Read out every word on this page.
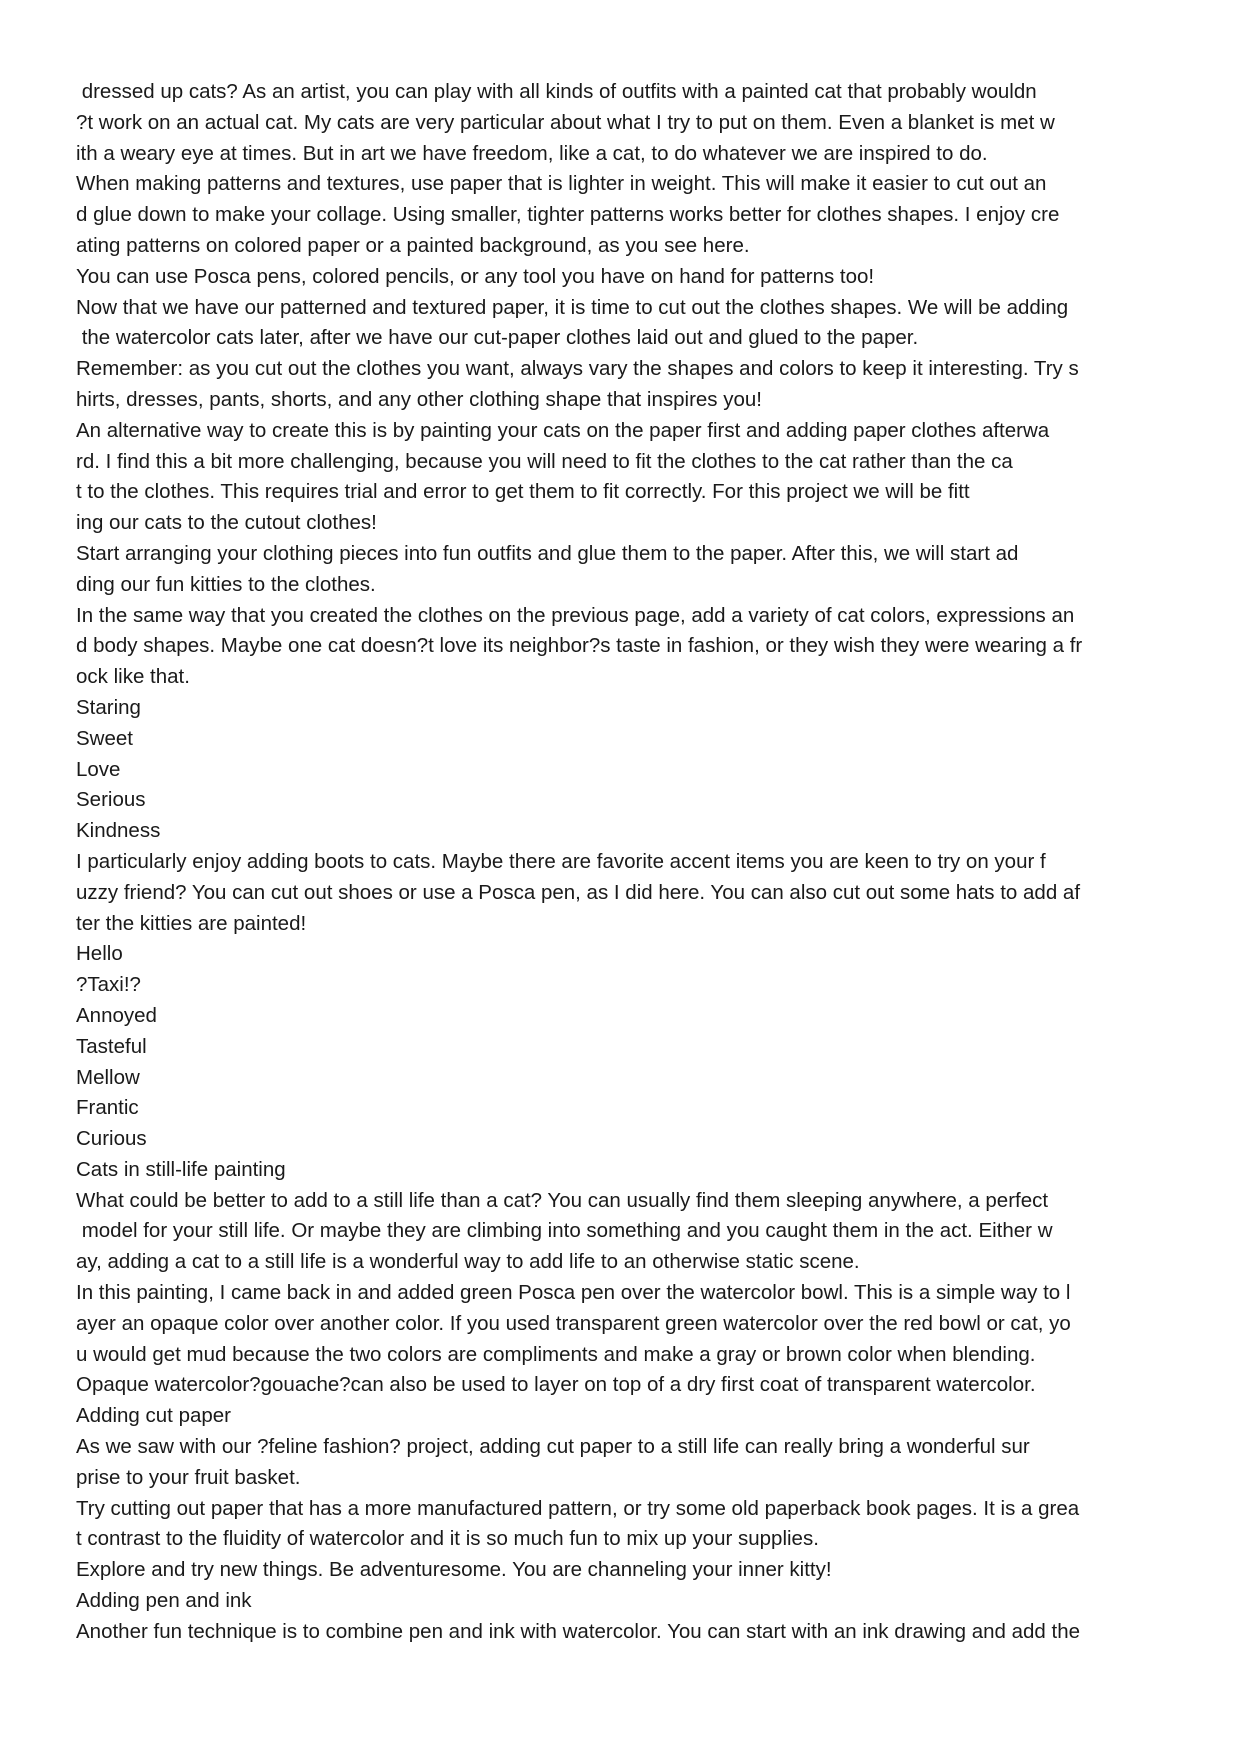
dressed up cats? As an artist, you can play with all kinds of outfits with a painted cat that probably wouldn
?t work on an actual cat. My cats are very particular about what I try to put on them. Even a blanket is met w
ith a weary eye at times. But in art we have freedom, like a cat, to do whatever we are inspired to do.
When making patterns and textures, use paper that is lighter in weight. This will make it easier to cut out an
d glue down to make your collage. Using smaller, tighter patterns works better for clothes shapes. I enjoy cre
ating patterns on colored paper or a painted background, as you see here.
You can use Posca pens, colored pencils, or any tool you have on hand for patterns too!
Now that we have our patterned and textured paper, it is time to cut out the clothes shapes. We will be adding
the watercolor cats later, after we have our cut-paper clothes laid out and glued to the paper.
Remember: as you cut out the clothes you want, always vary the shapes and colors to keep it interesting. Try s
hirts, dresses, pants, shorts, and any other clothing shape that inspires you!
An alternative way to create this is by painting your cats on the paper first and adding paper clothes afterwa
rd. I find this a bit more challenging, because you will need to fit the clothes to the cat rather than the ca
t to the clothes. This requires trial and error to get them to fit correctly. For this project we will be fitt
ing our cats to the cutout clothes!
Start arranging your clothing pieces into fun outfits and glue them to the paper. After this, we will start ad
ding our fun kitties to the clothes.
In the same way that you created the clothes on the previous page, add a variety of cat colors, expressions an
d body shapes. Maybe one cat doesn?t love its neighbor?s taste in fashion, or they wish they were wearing a fr
ock like that.
Staring
Sweet
Love
Serious
Kindness
I particularly enjoy adding boots to cats. Maybe there are favorite accent items you are keen to try on your f
uzzy friend? You can cut out shoes or use a Posca pen, as I did here. You can also cut out some hats to add af
ter the kitties are painted!
Hello
?Taxi!?
Annoyed
Tasteful
Mellow
Frantic
Curious
Cats in still-life painting
What could be better to add to a still life than a cat? You can usually find them sleeping anywhere, a perfect
model for your still life. Or maybe they are climbing into something and you caught them in the act. Either w
ay, adding a cat to a still life is a wonderful way to add life to an otherwise static scene.
In this painting, I came back in and added green Posca pen over the watercolor bowl. This is a simple way to l
ayer an opaque color over another color. If you used transparent green watercolor over the red bowl or cat, yo
u would get mud because the two colors are compliments and make a gray or brown color when blending.
Opaque watercolor?gouache?can also be used to layer on top of a dry first coat of transparent watercolor.
Adding cut paper
As we saw with our ?feline fashion? project, adding cut paper to a still life can really bring a wonderful sur
prise to your fruit basket.
Try cutting out paper that has a more manufactured pattern, or try some old paperback book pages. It is a grea
t contrast to the fluidity of watercolor and it is so much fun to mix up your supplies.
Explore and try new things. Be adventuresome. You are channeling your inner kitty!
Adding pen and ink
Another fun technique is to combine pen and ink with watercolor. You can start with an ink drawing and add the
